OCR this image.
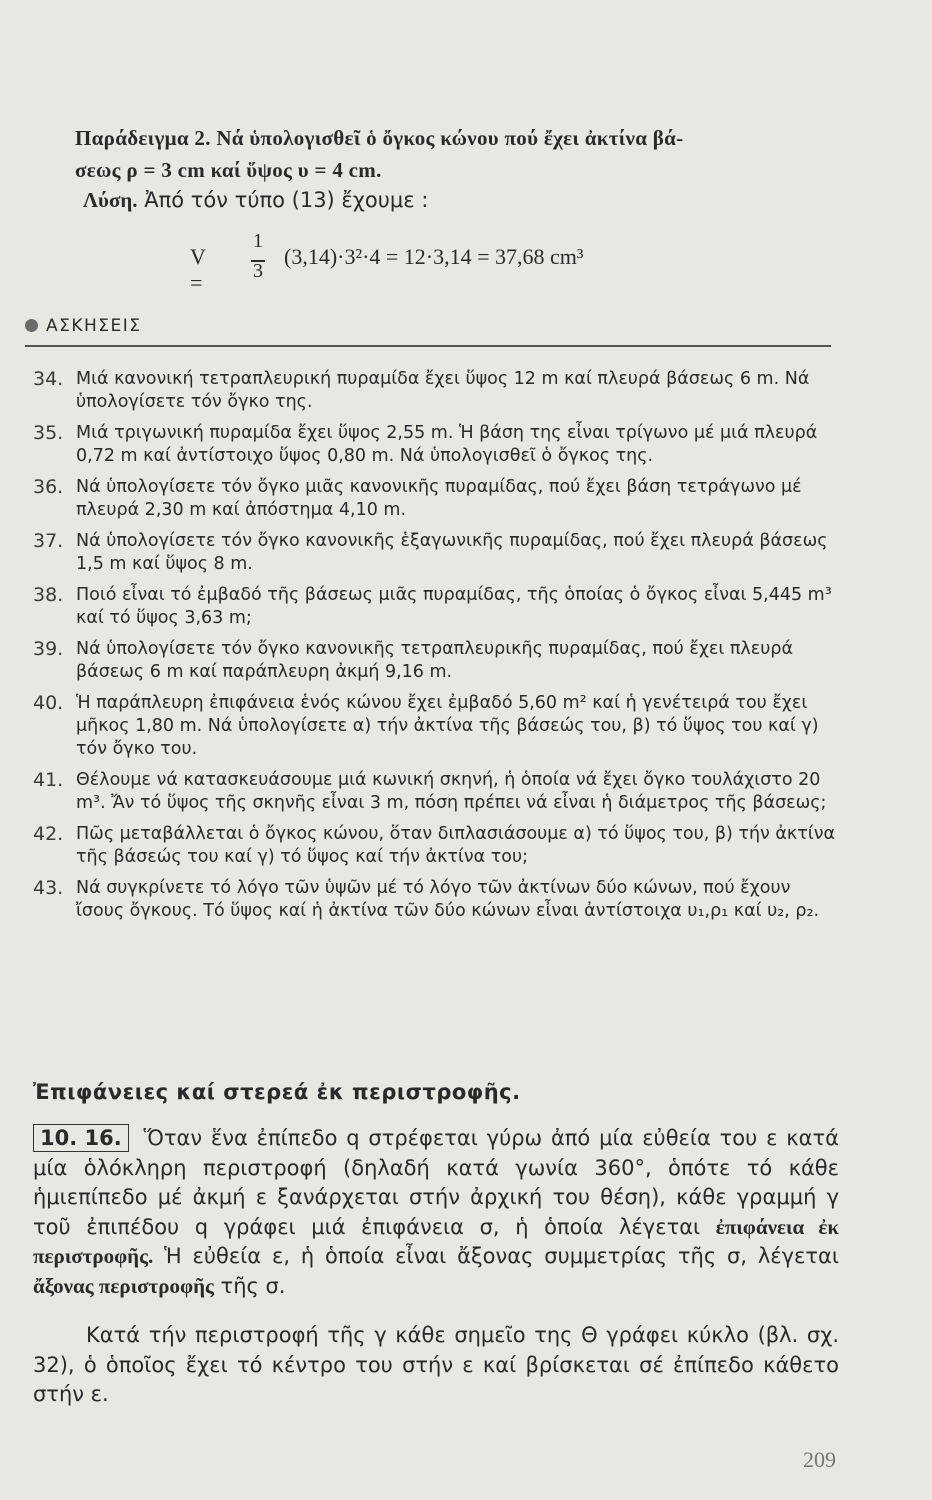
Παράδειγμα 2. Νά ὑπολογισθεῖ ὁ ὄγκος κώνου πού ἔχει ἀκτίνα βά-
σεως ρ = 3 cm καί ὕψος υ = 4 cm.
Λύση. Ἀπό τόν τύπο (13) ἔχουμε :
V =
1
3
(3,14)·3²·4 = 12·3,14 = 37,68 cm³
ΑΣΚΗΣΕΙΣ
34. Μιά κανονική τετραπλευρική πυραμίδα ἔχει ὕψος 12 m καί πλευρά βάσεως 6 m. Νά ὑπολογίσετε τόν ὄγκο της.
35. Μιά τριγωνική πυραμίδα ἔχει ὕψος 2,55 m. Ἡ βάση της εἶναι τρίγωνο μέ μιά πλευρά 0,72 m καί ἀντίστοιχο ὕψος 0,80 m. Νά ὑπολογισθεῖ ὁ ὄγκος της.
36. Νά ὑπολογίσετε τόν ὄγκο μιᾶς κανονικῆς πυραμίδας, πού ἔχει βάση τετράγωνο μέ πλευρά 2,30 m καί ἀπόστημα 4,10 m.
37. Νά ὑπολογίσετε τόν ὄγκο κανονικῆς ἑξαγωνικῆς πυραμίδας, πού ἔχει πλευρά βάσεως 1,5 m καί ὕψος 8 m.
38. Ποιό εἶναι τό ἐμβαδό τῆς βάσεως μιᾶς πυραμίδας, τῆς ὁποίας ὁ ὄγκος εἶναι 5,445 m³ καί τό ὕψος 3,63 m;
39. Νά ὑπολογίσετε τόν ὄγκο κανονικῆς τετραπλευρικῆς πυραμίδας, πού ἔχει πλευρά βάσεως 6 m καί παράπλευρη ἀκμή 9,16 m.
40. Ἡ παράπλευρη ἐπιφάνεια ἑνός κώνου ἔχει ἐμβαδό 5,60 m² καί ἡ γενέτειρά του ἔχει μῆκος 1,80 m. Νά ὑπολογίσετε α) τήν ἀκτίνα τῆς βάσεώς του, β) τό ὕψος του καί γ) τόν ὄγκο του.
41. Θέλουμε νά κατασκευάσουμε μιά κωνική σκηνή, ἡ ὁποία νά ἔχει ὄγκο τουλάχιστο 20 m³. Ἄν τό ὕψος τῆς σκηνῆς εἶναι 3 m, πόση πρέπει νά εἶναι ἡ διάμετρος τῆς βάσεως;
42. Πῶς μεταβάλλεται ὁ ὄγκος κώνου, ὅταν διπλασιάσουμε α) τό ὕψος του, β) τήν ἀκτίνα τῆς βάσεώς του καί γ) τό ὕψος καί τήν ἀκτίνα του;
43. Νά συγκρίνετε τό λόγο τῶν ὑψῶν μέ τό λόγο τῶν ἀκτίνων δύο κώνων, πού ἔχουν ἴσους ὄγκους. Τό ὕψος καί ἡ ἀκτίνα τῶν δύο κώνων εἶναι ἀντίστοιχα υ₁,ρ₁ καί υ₂, ρ₂.
Ἐπιφάνειες καί στερεά ἐκ περιστροφῆς.
10. 16. Ὅταν ἕνα ἐπίπεδο q στρέφεται γύρω ἀπό μία εὐθεία του ε κατά μία ὁλόκληρη περιστροφή (δηλαδή κατά γωνία 360°, ὁπότε τό κάθε ἡμιεπίπεδο μέ ἀκμή ε ξανάρχεται στήν ἀρχική του θέση), κάθε γραμμή γ τοῦ ἐπιπέδου q γράφει μιά ἐπιφάνεια σ, ἡ ὁποία λέγεται ἐπιφάνεια ἐκ περιστροφῆς. Ἡ εὐθεία ε, ἡ ὁποία εἶναι ἄξονας συμμετρίας τῆς σ, λέγεται ἄξονας περιστροφῆς τῆς σ.
Κατά τήν περιστροφή τῆς γ κάθε σημεῖο της Θ γράφει κύκλο (βλ. σχ. 32), ὁ ὁποῖος ἔχει τό κέντρο του στήν ε καί βρίσκεται σέ ἐπίπεδο κάθετο στήν ε.
209
